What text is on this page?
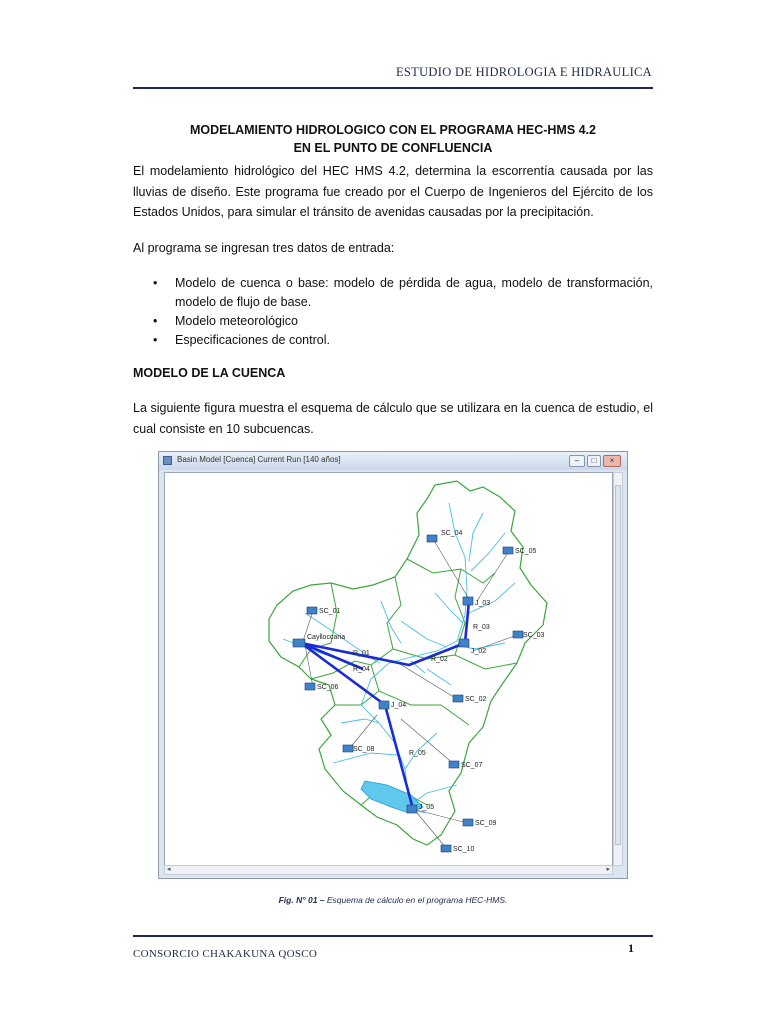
ESTUDIO DE HIDROLOGIA E HIDRAULICA
MODELAMIENTO HIDROLOGICO CON EL PROGRAMA HEC-HMS 4.2
EN EL PUNTO DE CONFLUENCIA
El modelamiento hidrológico del HEC HMS 4.2, determina la escorrentía causada por las lluvias de diseño. Este programa fue creado por el Cuerpo de Ingenieros del Ejército de los Estados Unidos, para simular el tránsito de avenidas causadas por la precipitación.
Al programa se ingresan tres datos de entrada:
• Modelo de cuenca o base: modelo de pérdida de agua, modelo de transformación, modelo de flujo de base.
• Modelo meteorológico
• Especificaciones de control.
MODELO DE LA CUENCA
La siguiente figura muestra el esquema de cálculo que se utilizara en la cuenca de estudio, el cual consiste en 10 subcuencas.
Basin Model [Cuenca] Current Run [140 años]	–	□	×
SC_04
SC_05
J_03
R_03
SC_03
J_02
SC_01
Caylloccaria
R_01
R_04
R_02
SC_02
SC_06
J_04
SC_08
R_05
SC_07
J_05
SC_09
SC_10
◂	▸
Fig. N° 01 – Esquema de cálculo en el programa HEC-HMS.
1
CONSORCIO CHAKAKUNA QOSCO
